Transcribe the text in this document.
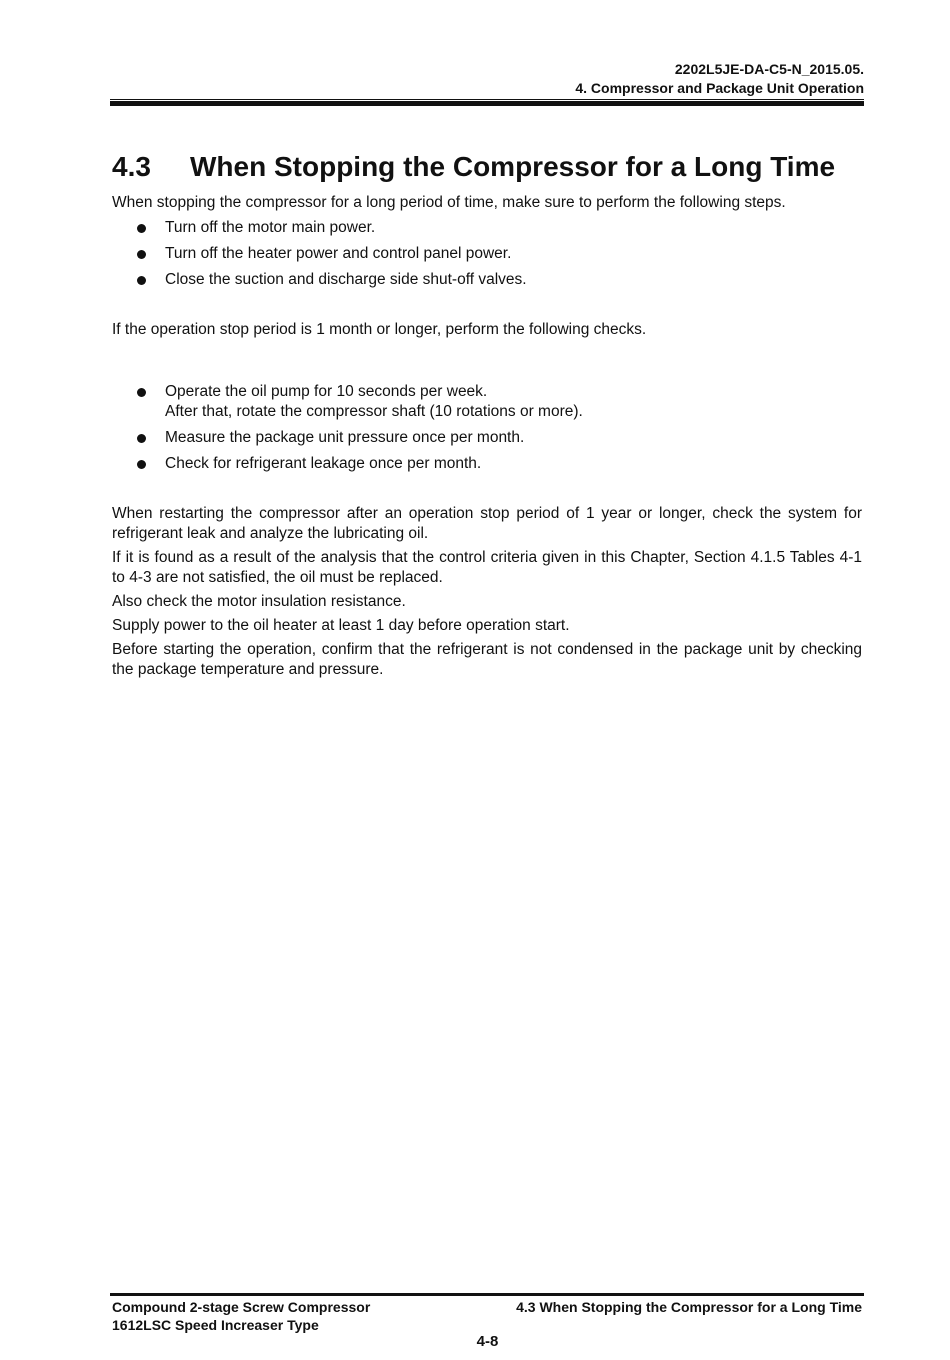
2202L5JE-DA-C5-N_2015.05.
4. Compressor and Package Unit Operation
4.3 When Stopping the Compressor for a Long Time

When stopping the compressor for a long period of time, make sure to perform the following steps.

Turn off the motor main power.
Turn off the heater power and control panel power.
Close the suction and discharge side shut-off valves.

If the operation stop period is 1 month or longer, perform the following checks.

Operate the oil pump for 10 seconds per week.
After that, rotate the compressor shaft (10 rotations or more).
Measure the package unit pressure once per month.
Check for refrigerant leakage once per month.

When restarting the compressor after an operation stop period of 1 year or longer, check the system for refrigerant leak and analyze the lubricating oil.

If it is found as a result of the analysis that the control criteria given in this Chapter, Section 4.1.5 Tables 4-1 to 4-3 are not satisfied, the oil must be replaced.

Also check the motor insulation resistance.

Supply power to the oil heater at least 1 day before operation start.

Before starting the operation, confirm that the refrigerant is not condensed in the package unit by checking the package temperature and pressure.

Compound 2-stage Screw Compressor
1612LSC Speed Increaser Type
4.3 When Stopping the Compressor for a Long Time
4-8
